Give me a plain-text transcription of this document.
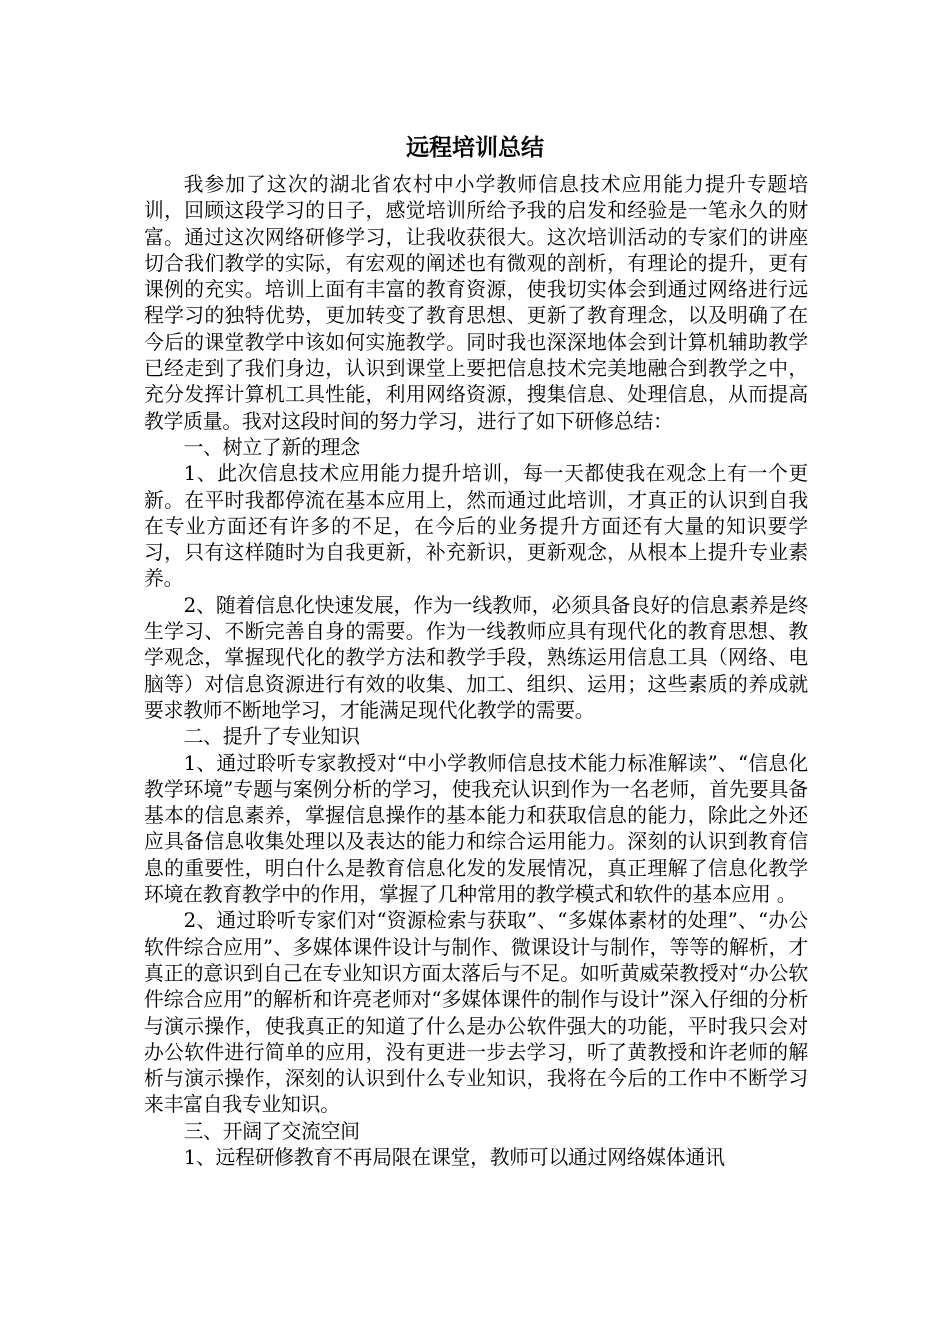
远程培训总结

我参加了这次的湖北省农村中小学教师信息技术应用能力提升专题培训，回顾这段学习的日子，感觉培训所给予我的启发和经验是一笔永久的财富。通过这次网络研修学习，让我收获很大。这次培训活动的专家们的讲座切合我们教学的实际，有宏观的阐述也有微观的剖析，有理论的提升，更有课例的充实。培训上面有丰富的教育资源，使我切实体会到通过网络进行远程学习的独特优势，更加转变了教育思想、更新了教育理念，以及明确了在今后的课堂教学中该如何实施教学。同时我也深深地体会到计算机辅助教学已经走到了我们身边，认识到课堂上要把信息技术完美地融合到教学之中，充分发挥计算机工具性能，利用网络资源，搜集信息、处理信息，从而提高教学质量。我对这段时间的努力学习，进行了如下研修总结：

一、树立了新的理念

1、此次信息技术应用能力提升培训，每一天都使我在观念上有一个更新。在平时我都停流在基本应用上，然而通过此培训，才真正的认识到自我在专业方面还有许多的不足，在今后的业务提升方面还有大量的知识要学习，只有这样随时为自我更新，补充新识，更新观念，从根本上提升专业素养。

2、随着信息化快速发展，作为一线教师，必须具备良好的信息素养是终生学习、不断完善自身的需要。作为一线教师应具有现代化的教育思想、教学观念，掌握现代化的教学方法和教学手段，熟练运用信息工具（网络、电脑等）对信息资源进行有效的收集、加工、组织、运用；这些素质的养成就要求教师不断地学习，才能满足现代化教学的需要。

二、提升了专业知识

1、通过聆听专家教授对“中小学教师信息技术能力标准解读”、“信息化教学环境”专题与案例分析的学习，使我充认识到作为一名老师，首先要具备基本的信息素养，掌握信息操作的基本能力和获取信息的能力，除此之外还应具备信息收集处理以及表达的能力和综合运用能力。深刻的认识到教育信息的重要性，明白什么是教育信息化发的发展情况，真正理解了信息化教学环境在教育教学中的作用，掌握了几种常用的教学模式和软件的基本应用 。

2、通过聆听专家们对“资源检索与获取”、“多媒体素材的处理”、“办公软件综合应用”、多媒体课件设计与制作、微课设计与制作，等等的解析，才真正的意识到自己在专业知识方面太落后与不足。如听黄威荣教授对“办公软件综合应用”的解析和许亮老师对“多媒体课件的制作与设计”深入仔细的分析与演示操作，使我真正的知道了什么是办公软件强大的功能，平时我只会对办公软件进行简单的应用，没有更进一步去学习，听了黄教授和许老师的解析与演示操作，深刻的认识到什么专业知识，我将在今后的工作中不断学习来丰富自我专业知识。

三、开阔了交流空间

1、远程研修教育不再局限在课堂，教师可以通过网络媒体通讯
